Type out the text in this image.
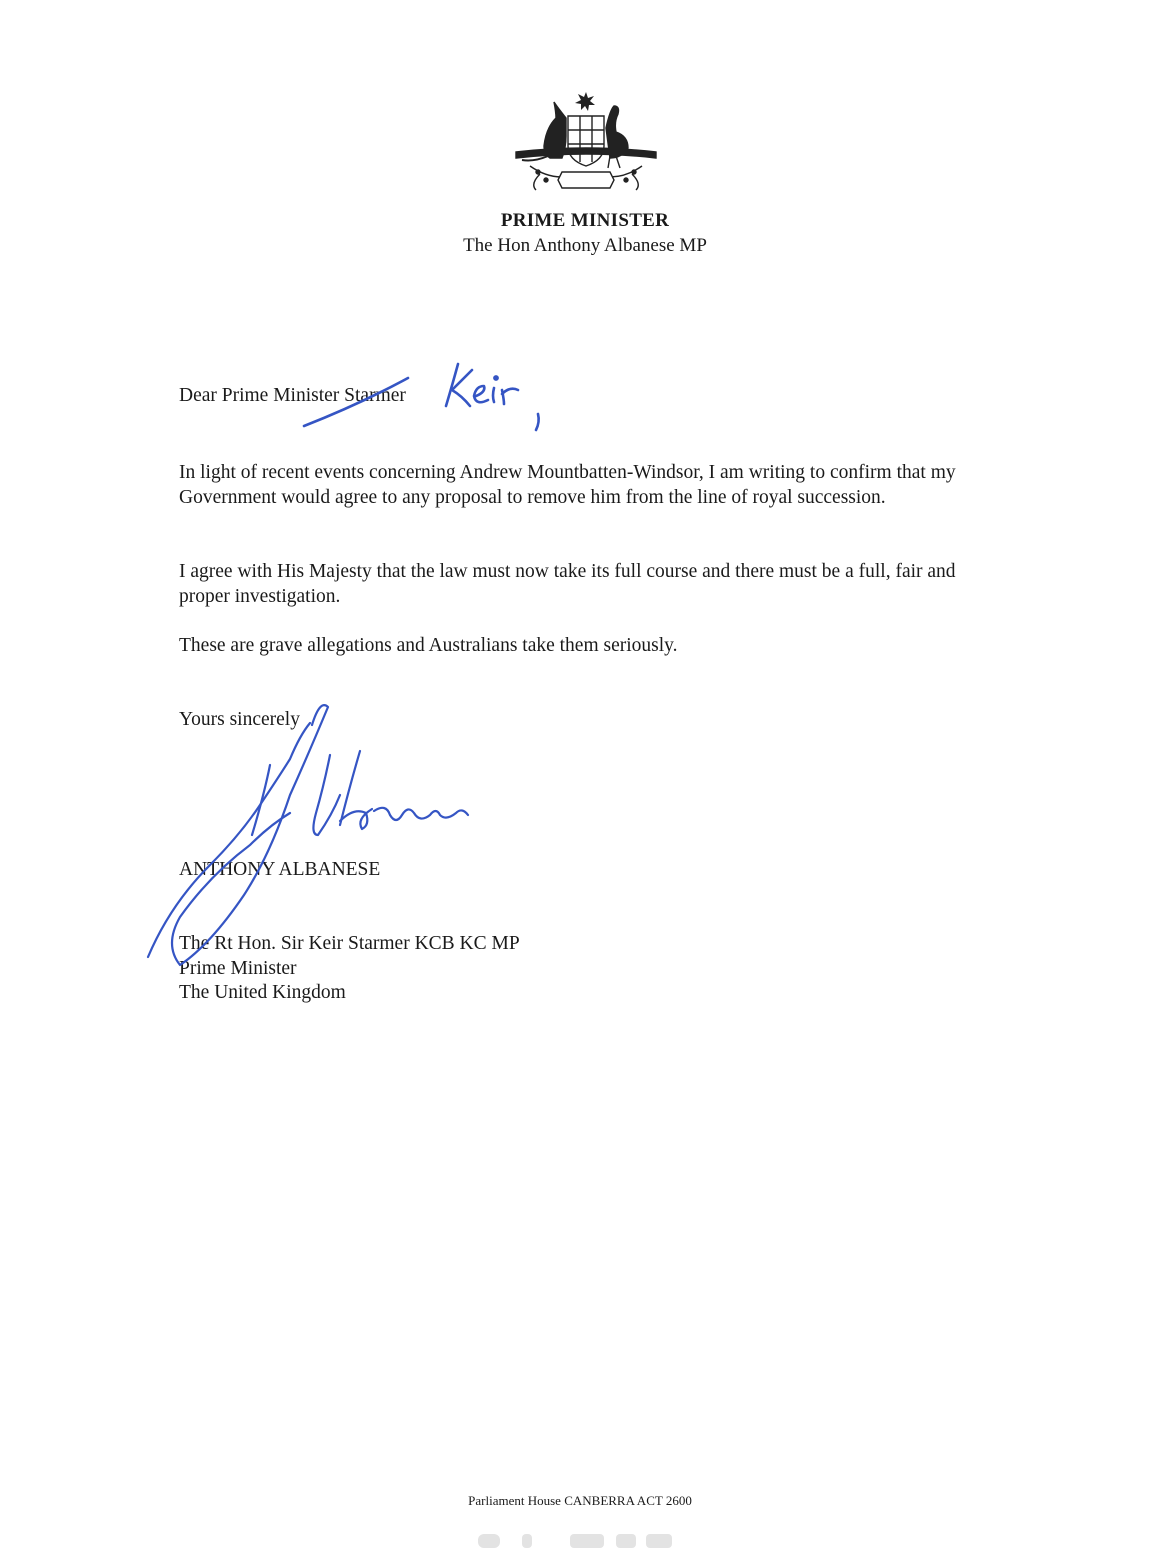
PRIME MINISTER
The Hon Anthony Albanese MP
Dear Prime Minister Starmer
In light of recent events concerning Andrew Mountbatten-Windsor, I am writing to confirm that my Government would agree to any proposal to remove him from the line of royal succession.
I agree with His Majesty that the law must now take its full course and there must be a full, fair and proper investigation.
These are grave allegations and Australians take them seriously.
Yours sincerely
ANTHONY ALBANESE
The Rt Hon. Sir Keir Starmer KCB KC MP
Prime Minister
The United Kingdom
Parliament House CANBERRA ACT 2600
